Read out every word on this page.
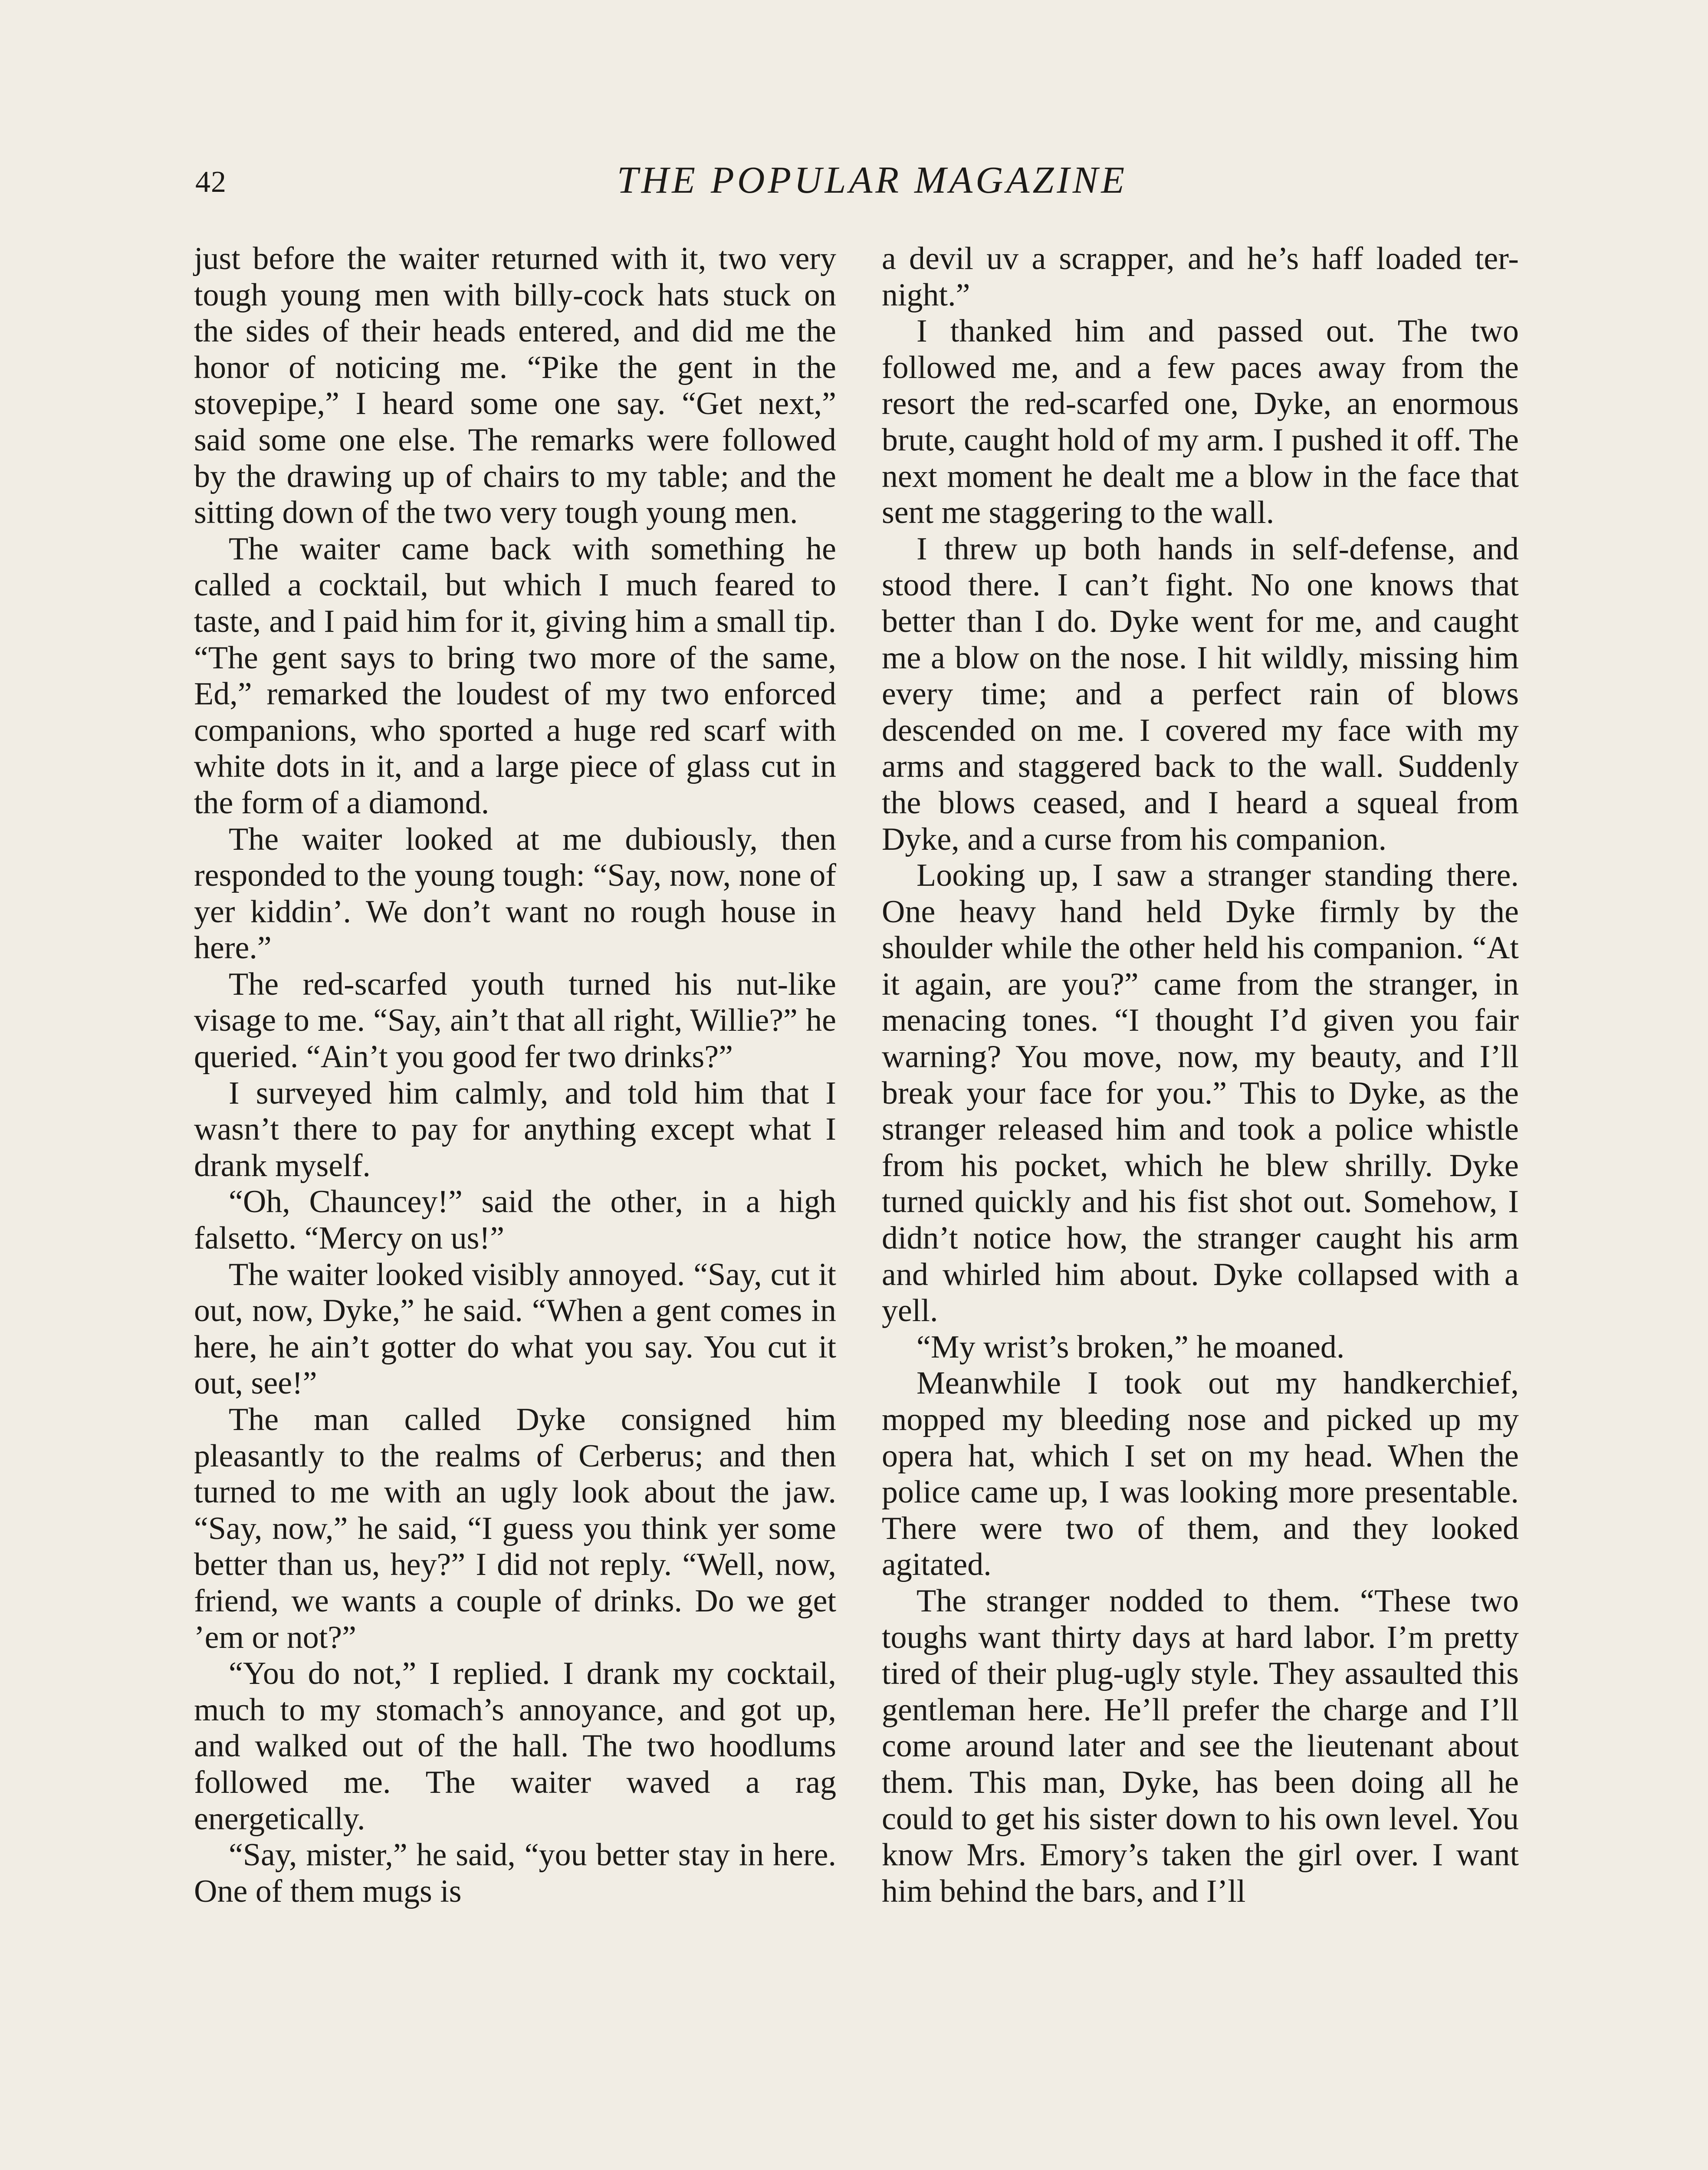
42	THE POPULAR MAGAZINE

just before the waiter returned with it, two very tough young men with billy-cock hats stuck on the sides of their heads entered, and did me the honor of noticing me. “Pike the gent in the stovepipe,” I heard some one say. “Get next,” said some one else. The remarks were followed by the drawing up of chairs to my table; and the sitting down of the two very tough young men.

The waiter came back with something he called a cocktail, but which I much feared to taste, and I paid him for it, giving him a small tip. “The gent says to bring two more of the same, Ed,” remarked the loudest of my two enforced companions, who sported a huge red scarf with white dots in it, and a large piece of glass cut in the form of a diamond.

The waiter looked at me dubiously, then responded to the young tough: “Say, now, none of yer kiddin’. We don’t want no rough house in here.”

The red-scarfed youth turned his nut-like visage to me. “Say, ain’t that all right, Willie?” he queried. “Ain’t you good fer two drinks?”

I surveyed him calmly, and told him that I wasn’t there to pay for anything except what I drank myself.

“Oh, Chauncey!” said the other, in a high falsetto. “Mercy on us!”

The waiter looked visibly annoyed. “Say, cut it out, now, Dyke,” he said. “When a gent comes in here, he ain’t gotter do what you say. You cut it out, see!”

The man called Dyke consigned him pleasantly to the realms of Cerberus; and then turned to me with an ugly look about the jaw. “Say, now,” he said, “I guess you think yer some better than us, hey?” I did not reply. “Well, now, friend, we wants a couple of drinks. Do we get ’em or not?”

“You do not,” I replied. I drank my cocktail, much to my stomach’s annoyance, and got up, and walked out of the hall. The two hoodlums followed me. The waiter waved a rag energetically.

“Say, mister,” he said, “you better stay in here. One of them mugs is

a devil uv a scrapper, and he’s haff loaded ter-night.”

I thanked him and passed out. The two followed me, and a few paces away from the resort the red-scarfed one, Dyke, an enormous brute, caught hold of my arm. I pushed it off. The next moment he dealt me a blow in the face that sent me staggering to the wall.

I threw up both hands in self-defense, and stood there. I can’t fight. No one knows that better than I do. Dyke went for me, and caught me a blow on the nose. I hit wildly, missing him every time; and a perfect rain of blows descended on me. I covered my face with my arms and staggered back to the wall. Suddenly the blows ceased, and I heard a squeal from Dyke, and a curse from his companion.

Looking up, I saw a stranger standing there. One heavy hand held Dyke firmly by the shoulder while the other held his companion. “At it again, are you?” came from the stranger, in menacing tones. “I thought I’d given you fair warning? You move, now, my beauty, and I’ll break your face for you.” This to Dyke, as the stranger released him and took a police whistle from his pocket, which he blew shrilly. Dyke turned quickly and his fist shot out. Somehow, I didn’t notice how, the stranger caught his arm and whirled him about. Dyke collapsed with a yell.

“My wrist’s broken,” he moaned.

Meanwhile I took out my handkerchief, mopped my bleeding nose and picked up my opera hat, which I set on my head. When the police came up, I was looking more presentable. There were two of them, and they looked agitated.

The stranger nodded to them. “These two toughs want thirty days at hard labor. I’m pretty tired of their plug-ugly style. They assaulted this gentleman here. He’ll prefer the charge and I’ll come around later and see the lieutenant about them. This man, Dyke, has been doing all he could to get his sister down to his own level. You know Mrs. Emory’s taken the girl over. I want him behind the bars, and I’ll
